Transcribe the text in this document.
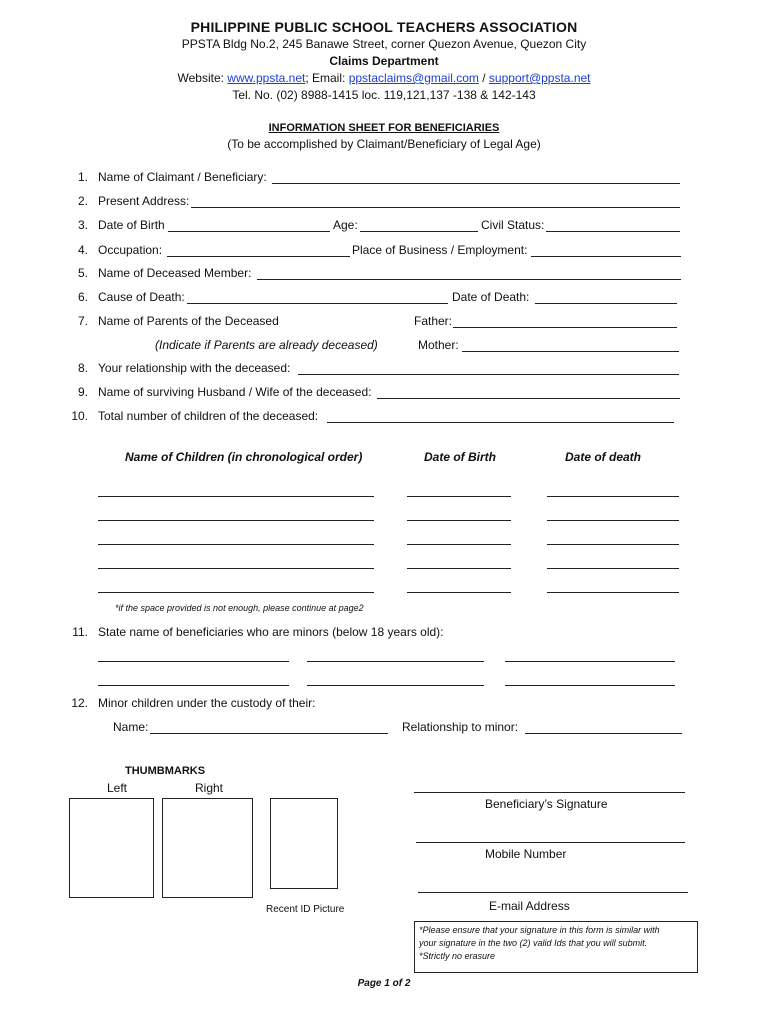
PHILIPPINE PUBLIC SCHOOL TEACHERS ASSOCIATION
PPSTA Bldg No.2, 245 Banawe Street, corner Quezon Avenue, Quezon City
Claims Department
Website: www.ppsta.net; Email: ppstaclaims@gmail.com / support@ppsta.net
Tel. No. (02) 8988-1415 loc. 119,121,137 -138 & 142-143
INFORMATION SHEET FOR BENEFICIARIES
(To be accomplished by Claimant/Beneficiary of Legal Age)
1. Name of Claimant / Beneficiary:
2. Present Address:
3. Date of Birth	Age:	Civil Status:
4. Occupation:	Place of Business / Employment:
5. Name of Deceased Member:
6. Cause of Death:	Date of Death:
7. Name of Parents of the Deceased	Father:
(Indicate if Parents are already deceased)	Mother:
8. Your relationship with the deceased:
9. Name of surviving Husband / Wife of the deceased:
10. Total number of children of the deceased:
Name of Children (in chronological order)	Date of Birth	Date of death
*if the space provided is not enough, please continue at page2
11. State name of beneficiaries who are minors (below 18 years old):
12. Minor children under the custody of their:
Name:	Relationship to minor:
THUMBMARKS
Left	Right
Recent ID Picture
Beneficiary’s Signature
Mobile Number
E-mail Address
*Please ensure that your signature in this form is similar with
your signature in the two (2) valid Ids that you will submit.
*Strictly no erasure
Page 1 of 2
